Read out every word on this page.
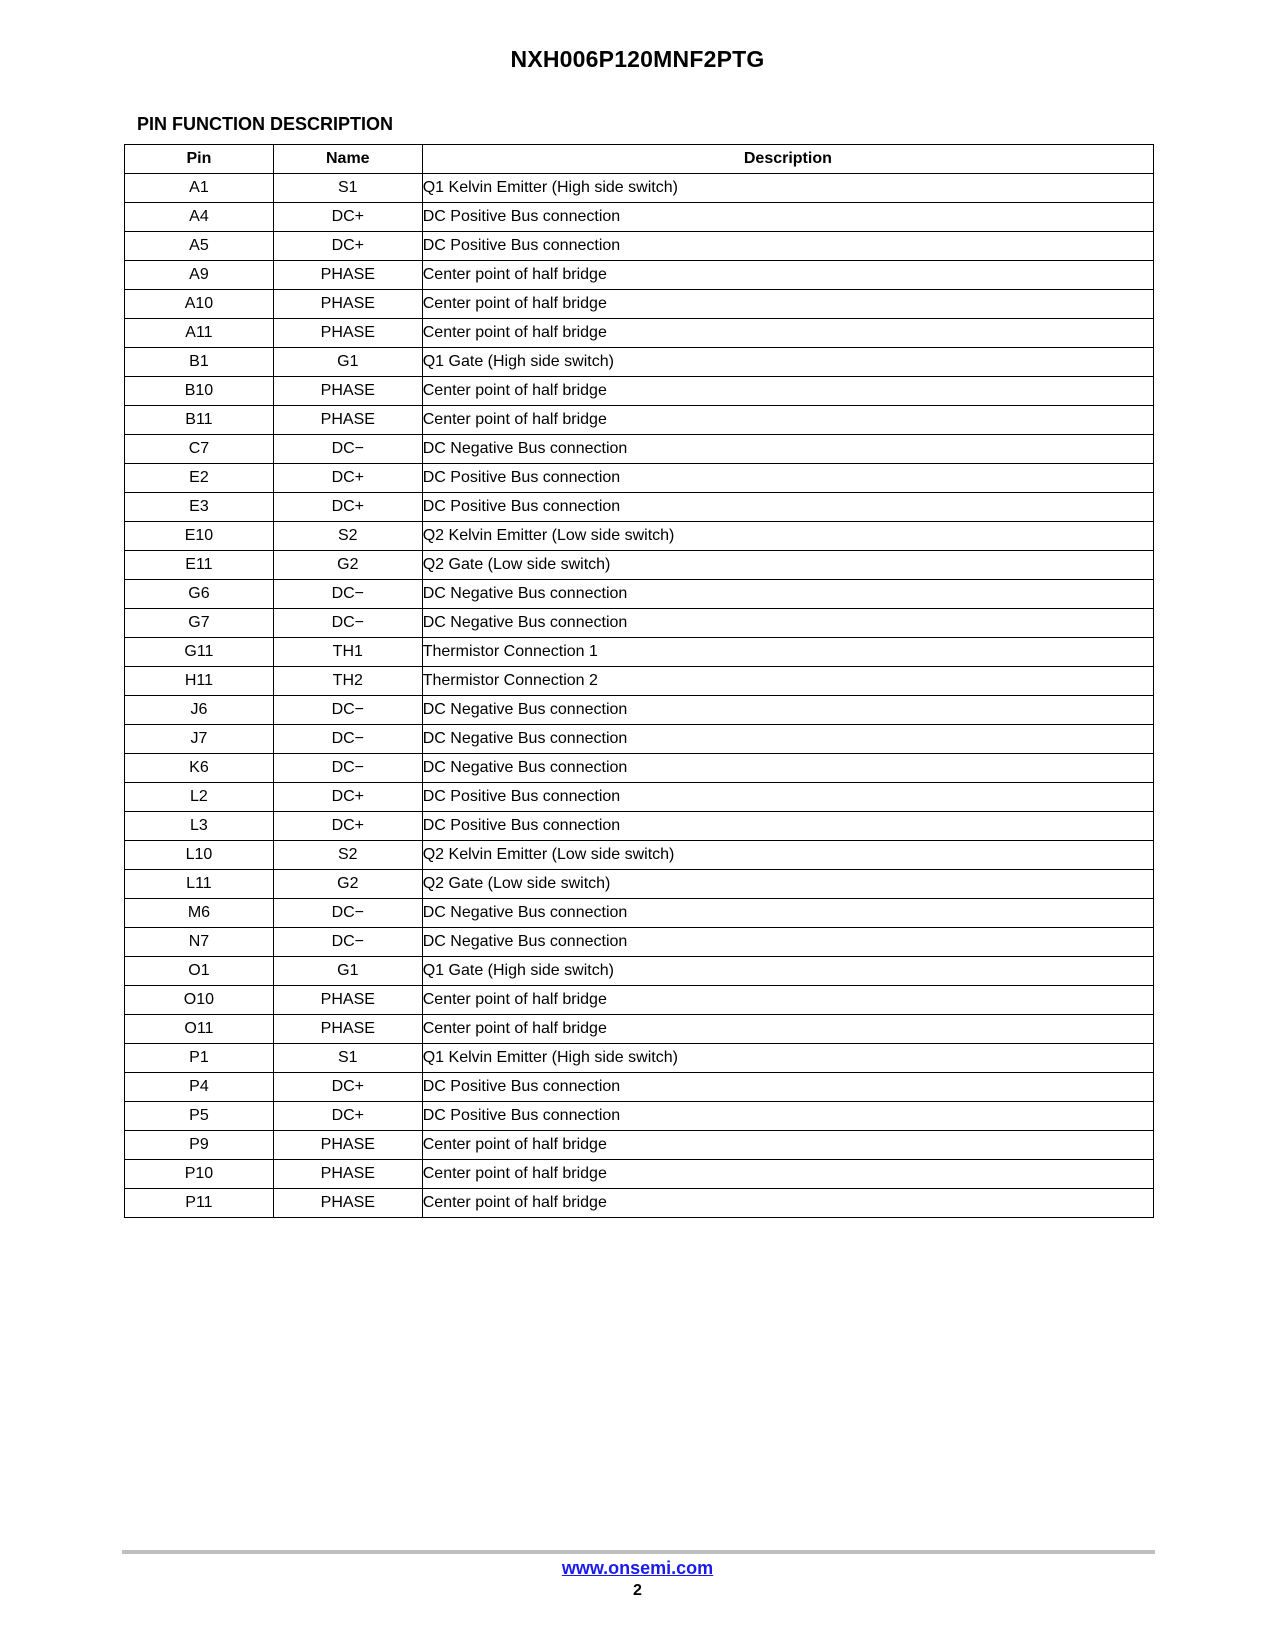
NXH006P120MNF2PTG
PIN FUNCTION DESCRIPTION
Pin	Name	Description
A1	S1	Q1 Kelvin Emitter (High side switch)
A4	DC+	DC Positive Bus connection
A5	DC+	DC Positive Bus connection
A9	PHASE	Center point of half bridge
A10	PHASE	Center point of half bridge
A11	PHASE	Center point of half bridge
B1	G1	Q1 Gate (High side switch)
B10	PHASE	Center point of half bridge
B11	PHASE	Center point of half bridge
C7	DC−	DC Negative Bus connection
E2	DC+	DC Positive Bus connection
E3	DC+	DC Positive Bus connection
E10	S2	Q2 Kelvin Emitter (Low side switch)
E11	G2	Q2 Gate (Low side switch)
G6	DC−	DC Negative Bus connection
G7	DC−	DC Negative Bus connection
G11	TH1	Thermistor Connection 1
H11	TH2	Thermistor Connection 2
J6	DC−	DC Negative Bus connection
J7	DC−	DC Negative Bus connection
K6	DC−	DC Negative Bus connection
L2	DC+	DC Positive Bus connection
L3	DC+	DC Positive Bus connection
L10	S2	Q2 Kelvin Emitter (Low side switch)
L11	G2	Q2 Gate (Low side switch)
M6	DC−	DC Negative Bus connection
N7	DC−	DC Negative Bus connection
O1	G1	Q1 Gate (High side switch)
O10	PHASE	Center point of half bridge
O11	PHASE	Center point of half bridge
P1	S1	Q1 Kelvin Emitter (High side switch)
P4	DC+	DC Positive Bus connection
P5	DC+	DC Positive Bus connection
P9	PHASE	Center point of half bridge
P10	PHASE	Center point of half bridge
P11	PHASE	Center point of half bridge
www.onsemi.com
2
